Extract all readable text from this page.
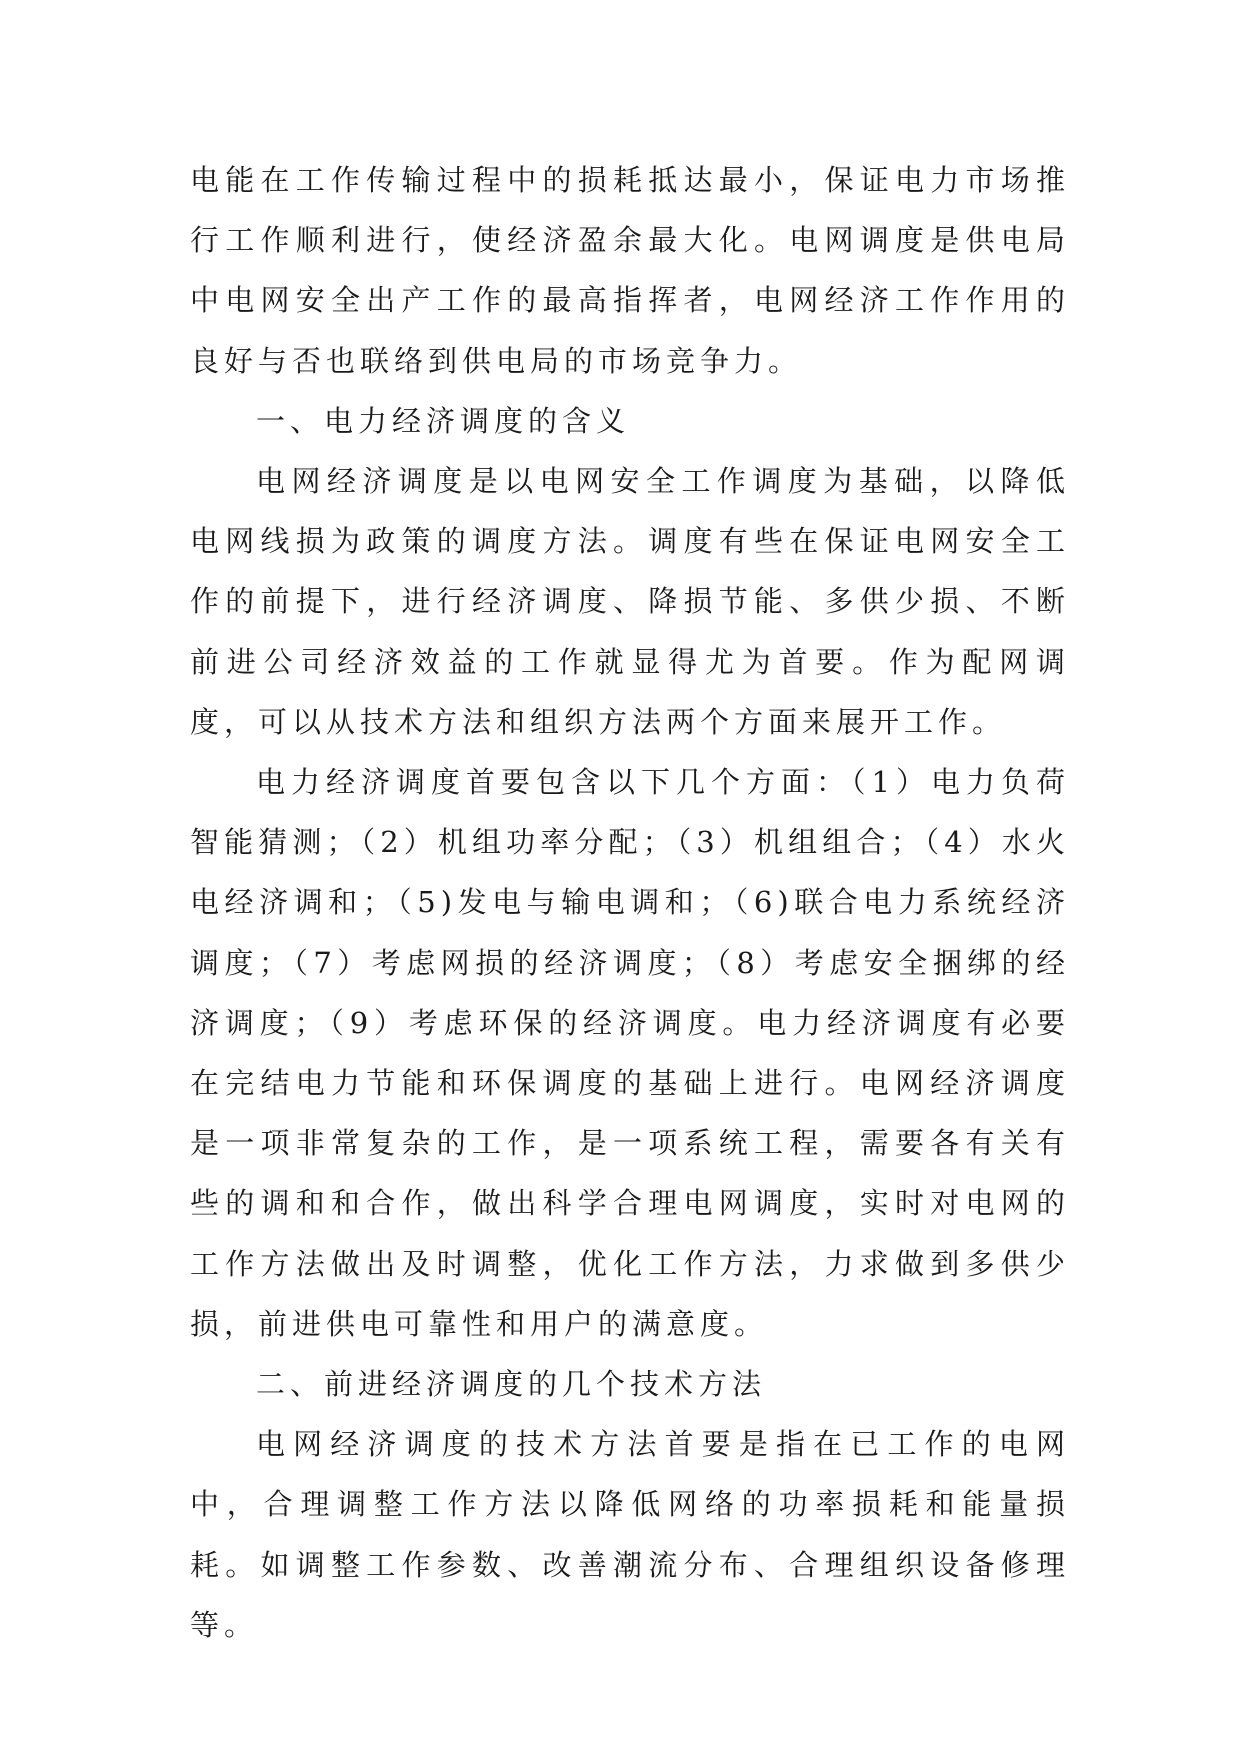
电能在工作传输过程中的损耗抵达最小，保证电力市场推行工作顺利进行，使经济盈余最大化。电网调度是供电局中电网安全出产工作的最高指挥者，电网经济工作作用的良好与否也联络到供电局的市场竞争力。

一、电力经济调度的含义

电网经济调度是以电网安全工作调度为基础，以降低电网线损为政策的调度方法。调度有些在保证电网安全工作的前提下，进行经济调度、降损节能、多供少损、不断前进公司经济效益的工作就显得尤为首要。作为配网调度，可以从技术方法和组织方法两个方面来展开工作。

电力经济调度首要包含以下几个方面：（1）电力负荷智能猜测；（2）机组功率分配；（3）机组组合；（4）水火电经济调和；（5)发电与输电调和；（6)联合电力系统经济调度；（7）考虑网损的经济调度；（8）考虑安全捆绑的经济调度；（9）考虑环保的经济调度。电力经济调度有必要在完结电力节能和环保调度的基础上进行。电网经济调度是一项非常复杂的工作，是一项系统工程，需要各有关有些的调和和合作，做出科学合理电网调度，实时对电网的工作方法做出及时调整，优化工作方法，力求做到多供少损，前进供电可靠性和用户的满意度。

二、前进经济调度的几个技术方法

电网经济调度的技术方法首要是指在已工作的电网中，合理调整工作方法以降低网络的功率损耗和能量损耗。如调整工作参数、改善潮流分布、合理组织设备修理等。
